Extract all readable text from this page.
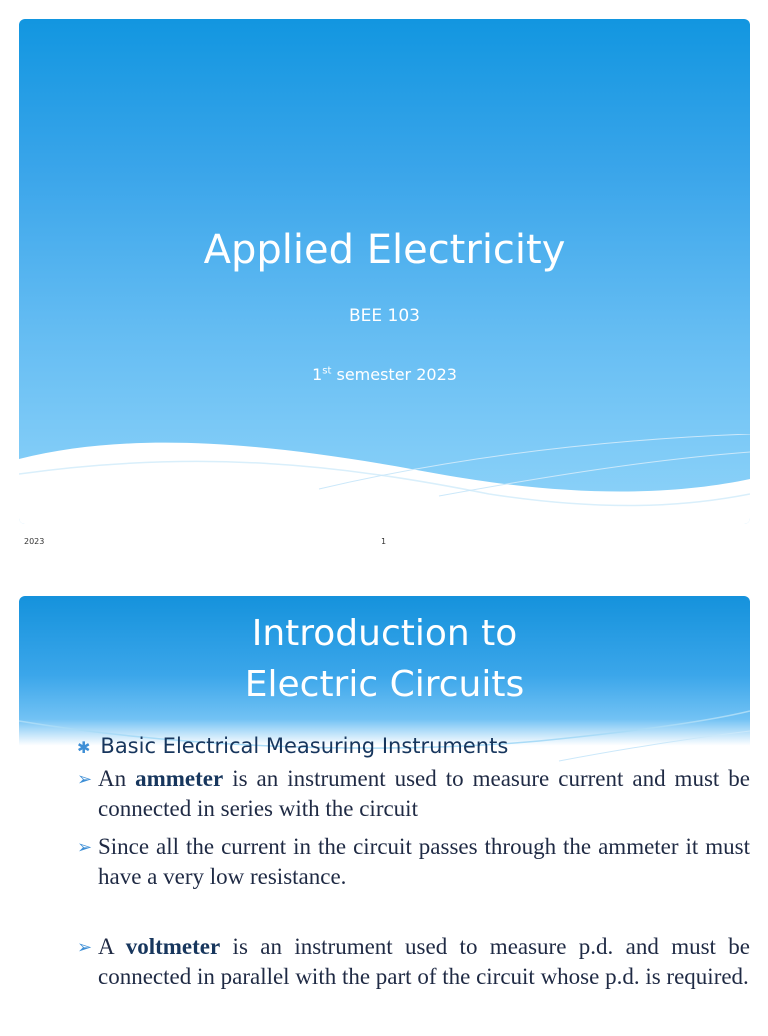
Applied Electricity
BEE 103
1st semester 2023
2023	1
Introduction to
Electric Circuits
✱ Basic Electrical Measuring Instruments
➢ An ammeter is an instrument used to measure current and must be connected in series with the circuit
➢ Since all the current in the circuit passes through the ammeter it must have a very low resistance.
➢ A voltmeter is an instrument used to measure p.d. and must be connected in parallel with the part of the circuit whose p.d. is required.
